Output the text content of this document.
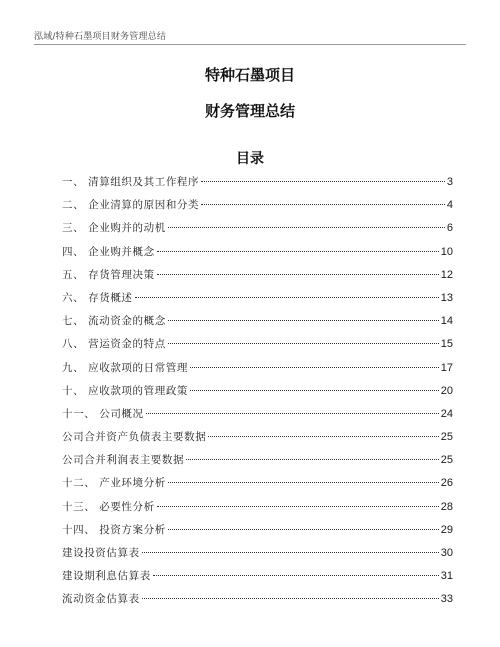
泓域/特种石墨项目财务管理总结
特种石墨项目
财务管理总结
目录
一、 清算组织及其工作程序	3
二、 企业清算的原因和分类	4
三、 企业购并的动机	6
四、 企业购并概念	10
五、 存货管理决策	12
六、 存货概述	13
七、 流动资金的概念	14
八、 营运资金的特点	15
九、 应收款项的日常管理	17
十、 应收款项的管理政策	20
十一、 公司概况	24
公司合并资产负债表主要数据	25
公司合并利润表主要数据	25
十二、 产业环境分析	26
十三、 必要性分析	28
十四、 投资方案分析	29
建设投资估算表	30
建设期利息估算表	31
流动资金估算表	33
